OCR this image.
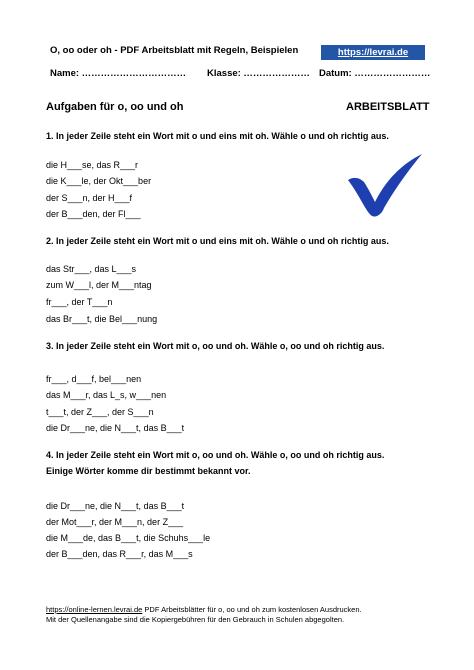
O, oo oder oh - PDF Arbeitsblatt mit Regeln, Beispielen	https://levrai.de
Name: …………………………… Klasse: ………………… Datum: ……………………
Aufgaben für o, oo und oh	ARBEITSBLATT
1. In jeder Zeile steht ein Wort mit o und eins mit oh. Wähle o und oh richtig aus.
die H___se, das R___r
die K___le, der Okt___ber
der S___n, der H___f
der B___den, der Fl___
2. In jeder Zeile steht ein Wort mit o und eins mit oh. Wähle o und oh richtig aus.
das Str___, das L___s
zum W___l, der M___ntag
fr___, der T___n
das Br___t, die Bel___nung
3. In jeder Zeile steht ein Wort mit o, oo und oh. Wähle o, oo und oh richtig aus.
fr___, d___f, bel___nen
das M___r, das L_s, w___nen
t___t, der Z___, der S___n
die Dr___ne, die N___t, das B___t
4. In jeder Zeile steht ein Wort mit o, oo und oh. Wähle o, oo und oh richtig aus.
Einige Wörter komme dir bestimmt bekannt vor.
die Dr___ne, die N___t, das B___t
der Mot___r, der M___n, der Z___
die M___de, das B___t, die Schuhs___le
der B___den, das R___r, das M___s
https://online-lernen.levrai.de PDF Arbeitsblätter für o, oo und oh zum kostenlosen Ausdrucken.
Mit der Quellenangabe sind die Kopiergebühren für den Gebrauch in Schulen abgegolten.
